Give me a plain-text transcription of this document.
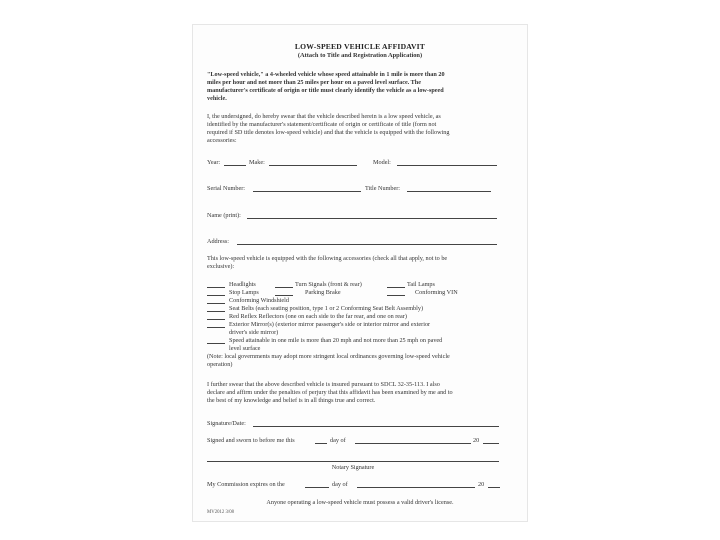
LOW-SPEED VEHICLE AFFIDAVIT
(Attach to Title and Registration Application)
"Low-speed vehicle," a 4-wheeled vehicle whose speed attainable in 1 mile is more than 20
miles per hour and not more than 25 miles per hour on a paved level surface. The
manufacturer's certificate of origin or title must clearly identify the vehicle as a low-speed
vehicle.
I, the undersigned, do hereby swear that the vehicle described herein is a low speed vehicle, as
identified by the manufacturer's statement/certificate of origin or certificate of title (form not
required if SD title denotes low-speed vehicle) and that the vehicle is equipped with the following
accessories:
Year:	Make:	Model:
Serial Number:	Title Number:
Name (print):
Address:
This low-speed vehicle is equipped with the following accessories (check all that apply, not to be
exclusive):
Headlights	Turn Signals (front & rear)	Tail Lamps
Stop Lamps	Parking Brake	Conforming VIN
Conforming Windshield
Seat Belts (each seating position, type 1 or 2 Conforming Seat Belt Assembly)
Red Reflex Reflectors (one on each side to the far rear, and one on rear)
Exterior Mirror(s) (exterior mirror passenger's side or interior mirror and exterior
driver's side mirror)
Speed attainable in one mile is more than 20 mph and not more than 25 mph on paved
level surface
(Note: local governments may adopt more stringent local ordinances governing low-speed vehicle
operation)
I further swear that the above described vehicle is insured pursuant to SDCL 32-35-113. I also
declare and affirm under the penalties of perjury that this affidavit has been examined by me and to
the best of my knowledge and belief is in all things true and correct.
Signature/Date:
Signed and sworn to before me this	day of	20
Notary Signature
My Commission expires on the	day of	20
Anyone operating a low-speed vehicle must possess a valid driver's license.
MV2012 3/08
